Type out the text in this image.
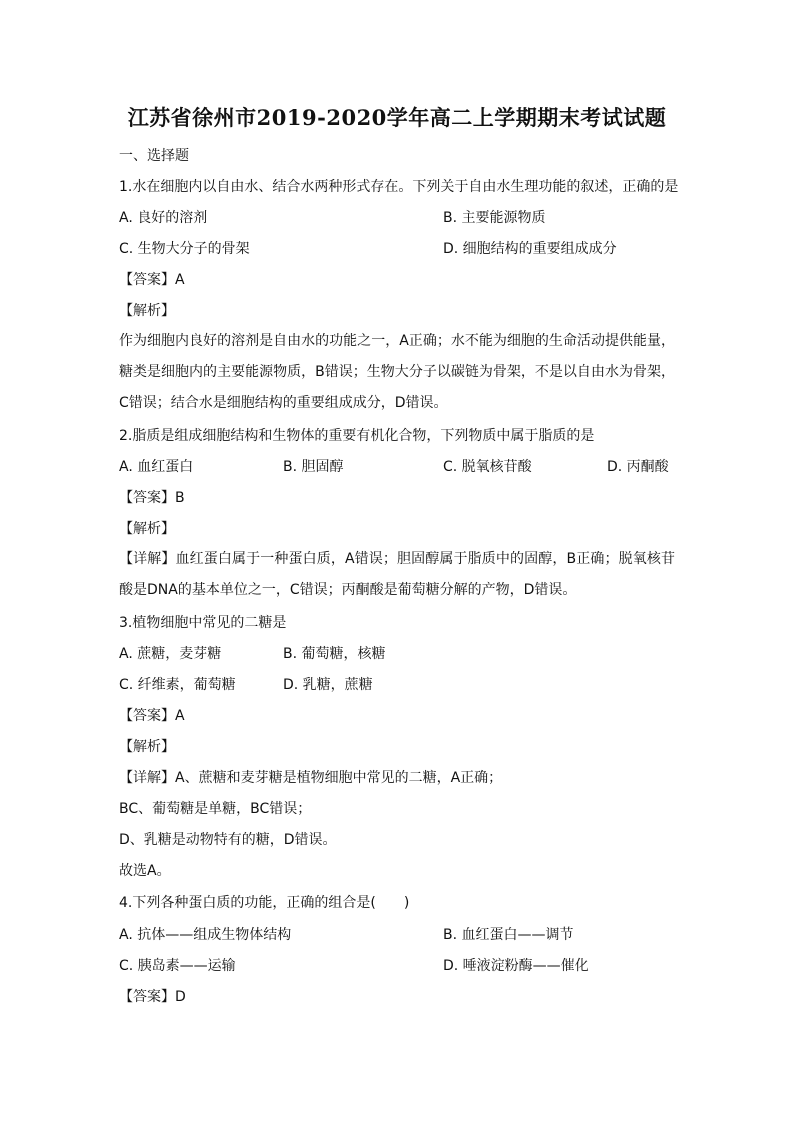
江苏省徐州市2019-2020学年高二上学期期末考试试题
一、选择题
1.水在细胞内以自由水、结合水两种形式存在。下列关于自由水生理功能的叙述，正确的是
A. 良好的溶剂	B. 主要能源物质
C. 生物大分子的骨架	D. 细胞结构的重要组成成分
【答案】A
【解析】
作为细胞内良好的溶剂是自由水的功能之一，A正确；水不能为细胞的生命活动提供能量，糖类是细胞内的主要能源物质，B错误；生物大分子以碳链为骨架，不是以自由水为骨架，C错误；结合水是细胞结构的重要组成成分，D错误。
2.脂质是组成细胞结构和生物体的重要有机化合物，下列物质中属于脂质的是
A. 血红蛋白	B. 胆固醇	C. 脱氧核苷酸	D. 丙酮酸
【答案】B
【解析】
【详解】血红蛋白属于一种蛋白质，A错误；胆固醇属于脂质中的固醇，B正确；脱氧核苷酸是DNA的基本单位之一，C错误；丙酮酸是葡萄糖分解的产物，D错误。
3.植物细胞中常见的二糖是
A. 蔗糖，麦芽糖	B. 葡萄糖，核糖
C. 纤维素，葡萄糖	D. 乳糖，蔗糖
【答案】A
【解析】
【详解】A、蔗糖和麦芽糖是植物细胞中常见的二糖，A正确；
BC、葡萄糖是单糖，BC错误；
D、乳糖是动物特有的糖，D错误。
故选A。
4.下列各种蛋白质的功能，正确的组合是(　　)
A. 抗体——组成生物体结构	B. 血红蛋白——调节
C. 胰岛素——运输	D. 唾液淀粉酶——催化
【答案】D
